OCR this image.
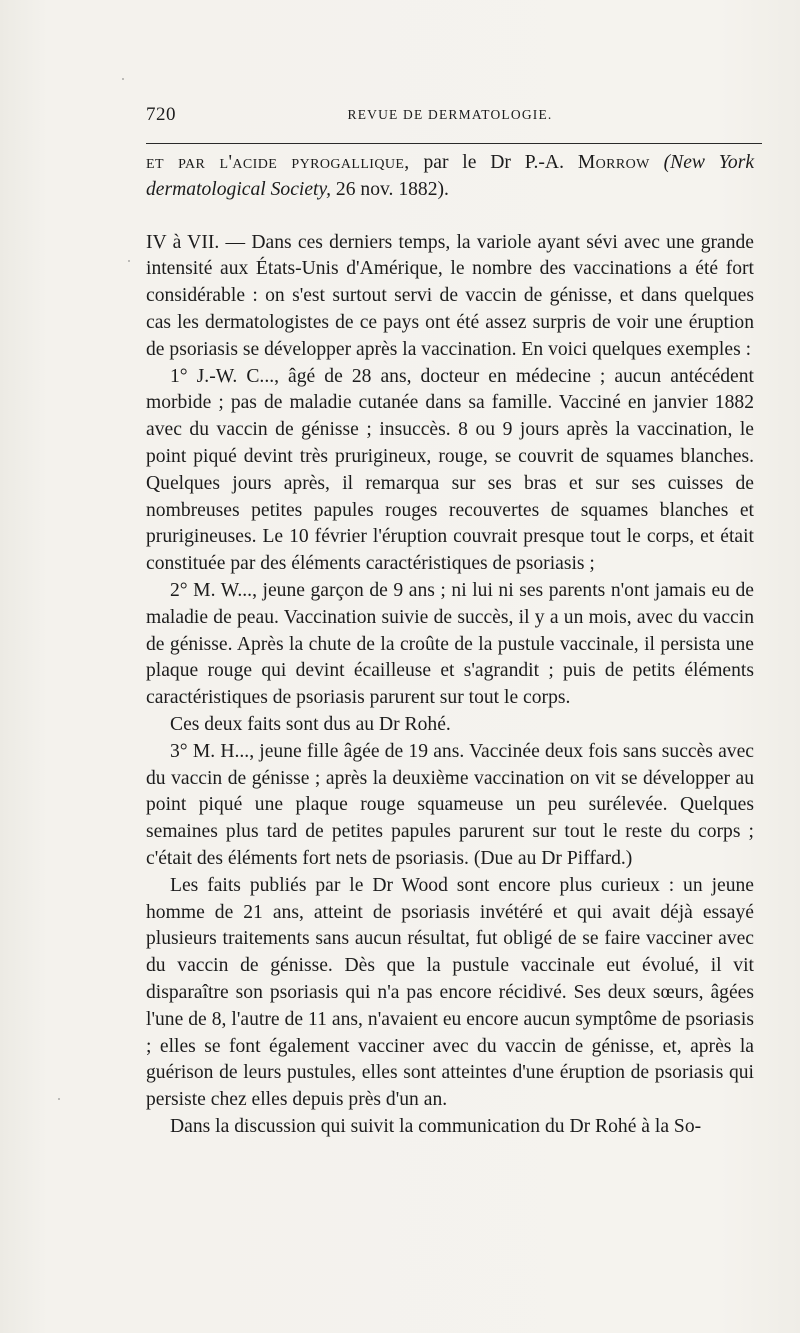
720	REVUE DE DERMATOLOGIE.

et par l'acide pyrogallique, par le Dr P.-A. Morrow (New York dermatological Society, 26 nov. 1882).

IV à VII. — Dans ces derniers temps, la variole ayant sévi avec une grande intensité aux États-Unis d'Amérique, le nombre des vaccinations a été fort considérable : on s'est surtout servi de vaccin de génisse, et dans quelques cas les dermatologistes de ce pays ont été assez surpris de voir une éruption de psoriasis se développer après la vaccination. En voici quelques exemples :

1° J.-W. C..., âgé de 28 ans, docteur en médecine ; aucun antécédent morbide ; pas de maladie cutanée dans sa famille. Vacciné en janvier 1882 avec du vaccin de génisse ; insuccès. 8 ou 9 jours après la vaccination, le point piqué devint très prurigineux, rouge, se couvrit de squames blanches. Quelques jours après, il remarqua sur ses bras et sur ses cuisses de nombreuses petites papules rouges recouvertes de squames blanches et prurigineuses. Le 10 février l'éruption couvrait presque tout le corps, et était constituée par des éléments caractéristiques de psoriasis ;

2° M. W..., jeune garçon de 9 ans ; ni lui ni ses parents n'ont jamais eu de maladie de peau. Vaccination suivie de succès, il y a un mois, avec du vaccin de génisse. Après la chute de la croûte de la pustule vaccinale, il persista une plaque rouge qui devint écailleuse et s'agrandit ; puis de petits éléments caractéristiques de psoriasis parurent sur tout le corps.

Ces deux faits sont dus au Dr Rohé.

3° M. H..., jeune fille âgée de 19 ans. Vaccinée deux fois sans succès avec du vaccin de génisse ; après la deuxième vaccination on vit se développer au point piqué une plaque rouge squameuse un peu surélevée. Quelques semaines plus tard de petites papules parurent sur tout le reste du corps ; c'était des éléments fort nets de psoriasis. (Due au Dr Piffard.)

Les faits publiés par le Dr Wood sont encore plus curieux : un jeune homme de 21 ans, atteint de psoriasis invétéré et qui avait déjà essayé plusieurs traitements sans aucun résultat, fut obligé de se faire vacciner avec du vaccin de génisse. Dès que la pustule vaccinale eut évolué, il vit disparaître son psoriasis qui n'a pas encore récidivé. Ses deux sœurs, âgées l'une de 8, l'autre de 11 ans, n'avaient eu encore aucun symptôme de psoriasis ; elles se font également vacciner avec du vaccin de génisse, et, après la guérison de leurs pustules, elles sont atteintes d'une éruption de psoriasis qui persiste chez elles depuis près d'un an.

Dans la discussion qui suivit la communication du Dr Rohé à la So-
